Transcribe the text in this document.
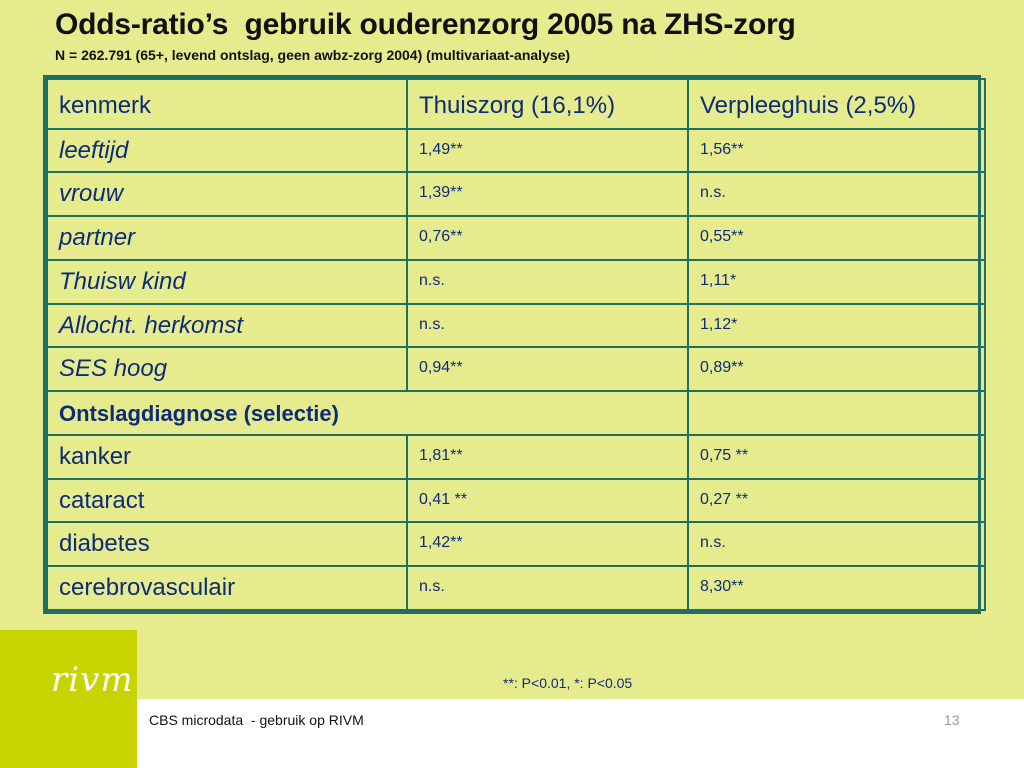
Odds-ratio’s  gebruik ouderenzorg 2005 na ZHS-zorg
N = 262.791 (65+, levend ontslag, geen awbz-zorg 2004) (multivariaat-analyse)
kenmerk	Thuiszorg (16,1%)	Verpleeghuis (2,5%)
leeftijd	1,49**	1,56**
vrouw	1,39**	n.s.
partner	0,76**	0,55**
Thuisw kind	n.s.	1,11*
Allocht. herkomst	n.s.	1,12*
SES hoog	0,94**	0,89**
Ontslagdiagnose (selectie)		
kanker	1,81**	0,75 **
cataract	0,41 **	0,27 **
diabetes	1,42**	n.s.
cerebrovasculair	n.s.	8,30**
rivm
CBS microdata  - gebruik op RIVM	13
**: P<0.01, *: P<0.05
